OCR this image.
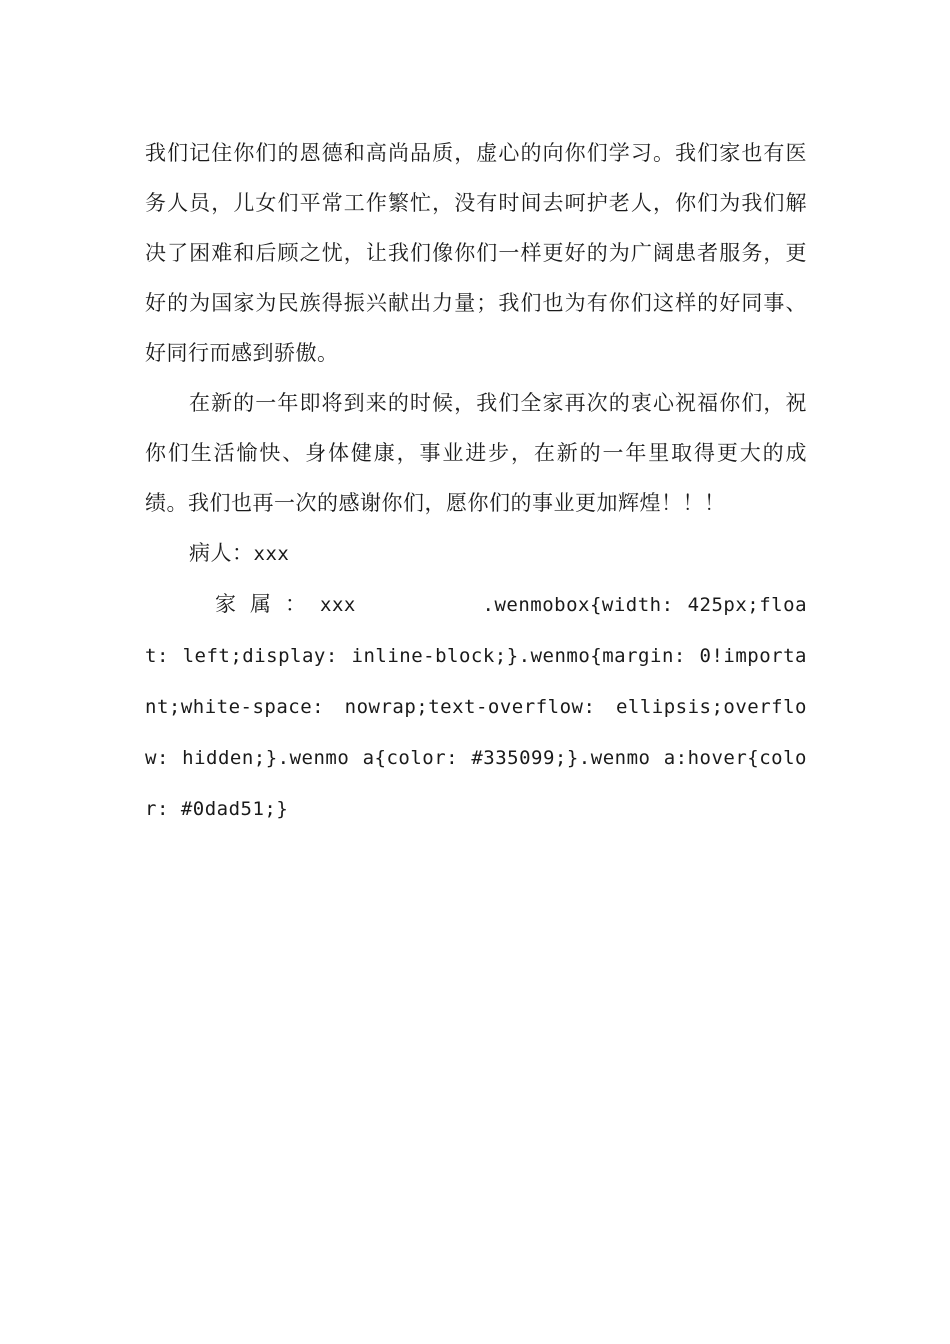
我们记住你们的恩德和高尚品质，虚心的向你们学习。我们家也有医务人员，儿女们平常工作繁忙，没有时间去呵护老人，你们为我们解决了困难和后顾之忧，让我们像你们一样更好的为广阔患者服务，更好的为国家为民族得振兴献出力量；我们也为有你们这样的好同事、好同行而感到骄傲。

在新的一年即将到来的时候，我们全家再次的衷心祝福你们，祝你们生活愉快、身体健康，事业进步，在新的一年里取得更大的成绩。我们也再一次的感谢你们，愿你们的事业更加辉煌！！！

病人：xxx

家属：xxx	.wenmobox{width: 425px;float: left;display: inline-block;}.wenmo{margin: 0!important;white-space: nowrap;text-overflow: ellipsis;overflow: hidden;}.wenmo a{color: #335099;}.wenmo a:hover{color: #0dad51;}
